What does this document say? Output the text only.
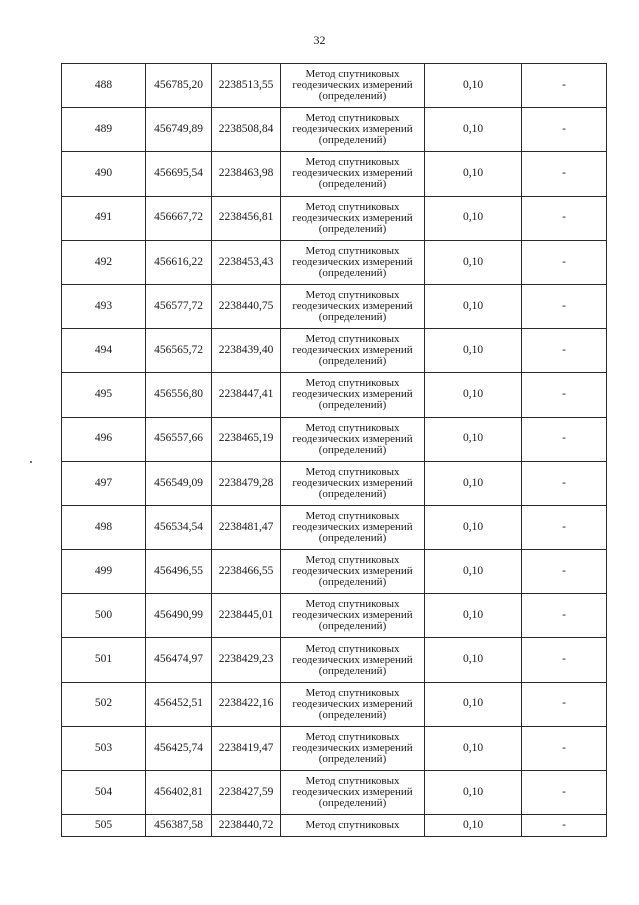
32
488	456785,20	2238513,55	Метод спутниковых геодезических измерений (определений)	0,10	-
489	456749,89	2238508,84	Метод спутниковых геодезических измерений (определений)	0,10	-
490	456695,54	2238463,98	Метод спутниковых геодезических измерений (определений)	0,10	-
491	456667,72	2238456,81	Метод спутниковых геодезических измерений (определений)	0,10	-
492	456616,22	2238453,43	Метод спутниковых геодезических измерений (определений)	0,10	-
493	456577,72	2238440,75	Метод спутниковых геодезических измерений (определений)	0,10	-
494	456565,72	2238439,40	Метод спутниковых геодезических измерений (определений)	0,10	-
495	456556,80	2238447,41	Метод спутниковых геодезических измерений (определений)	0,10	-
496	456557,66	2238465,19	Метод спутниковых геодезических измерений (определений)	0,10	-
497	456549,09	2238479,28	Метод спутниковых геодезических измерений (определений)	0,10	-
498	456534,54	2238481,47	Метод спутниковых геодезических измерений (определений)	0,10	-
499	456496,55	2238466,55	Метод спутниковых геодезических измерений (определений)	0,10	-
500	456490,99	2238445,01	Метод спутниковых геодезических измерений (определений)	0,10	-
501	456474,97	2238429,23	Метод спутниковых геодезических измерений (определений)	0,10	-
502	456452,51	2238422,16	Метод спутниковых геодезических измерений (определений)	0,10	-
503	456425,74	2238419,47	Метод спутниковых геодезических измерений (определений)	0,10	-
504	456402,81	2238427,59	Метод спутниковых геодезических измерений (определений)	0,10	-
505	456387,58	2238440,72	Метод спутниковых	0,10	-
